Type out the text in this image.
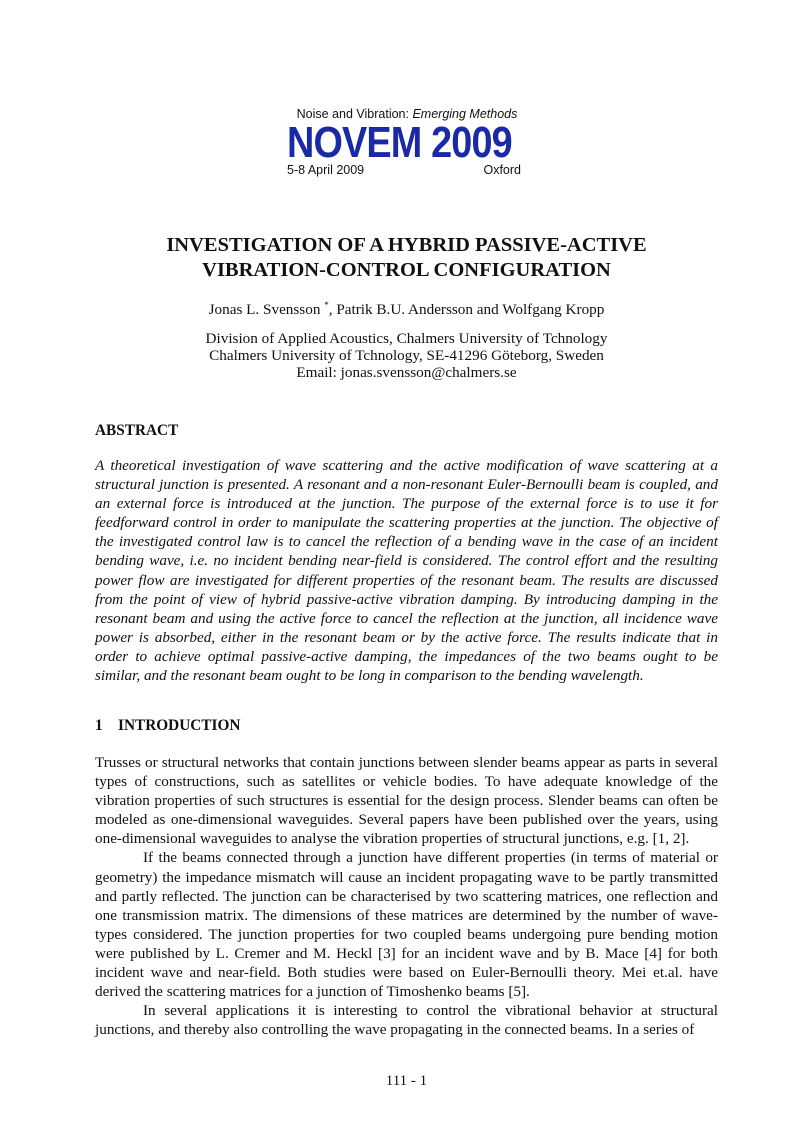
Noise and Vibration: Emerging Methods
NOVEM 2009
5-8 April 2009	Oxford
INVESTIGATION OF A HYBRID PASSIVE-ACTIVE
VIBRATION-CONTROL CONFIGURATION
Jonas L. Svensson *, Patrik B.U. Andersson and Wolfgang Kropp
Division of Applied Acoustics, Chalmers University of Tchnology
Chalmers University of Tchnology, SE-41296 Göteborg, Sweden
Email: jonas.svensson@chalmers.se
ABSTRACT
A theoretical investigation of wave scattering and the active modification of wave scattering at a structural junction is presented. A resonant and a non-resonant Euler-Bernoulli beam is coupled, and an external force is introduced at the junction. The purpose of the external force is to use it for feedforward control in order to manipulate the scattering properties at the junction. The objective of the investigated control law is to cancel the reflection of a bending wave in the case of an incident bending wave, i.e. no incident bending near-field is considered. The control effort and the resulting power flow are investigated for different properties of the resonant beam. The results are discussed from the point of view of hybrid passive-active vibration damping. By introducing damping in the resonant beam and using the active force to cancel the reflection at the junction, all incidence wave power is absorbed, either in the resonant beam or by the active force. The results indicate that in order to achieve optimal passive-active damping, the impedances of the two beams ought to be similar, and the resonant beam ought to be long in comparison to the bending wavelength.
1 INTRODUCTION

Trusses or structural networks that contain junctions between slender beams appear as parts in several types of constructions, such as satellites or vehicle bodies. To have adequate knowledge of the vibration properties of such structures is essential for the design process. Slender beams can often be modeled as one-dimensional waveguides. Several papers have been published over the years, using one-dimensional waveguides to analyse the vibration properties of structural junctions, e.g. [1, 2].

If the beams connected through a junction have different properties (in terms of material or geometry) the impedance mismatch will cause an incident propagating wave to be partly transmitted and partly reflected. The junction can be characterised by two scattering matrices, one reflection and one transmission matrix. The dimensions of these matrices are determined by the number of wave-types considered. The junction properties for two coupled beams undergoing pure bending motion were published by L. Cremer and M. Heckl [3] for an incident wave and by B. Mace [4] for both incident wave and near-field. Both studies were based on Euler-Bernoulli theory. Mei et.al. have derived the scattering matrices for a junction of Timoshenko beams [5].

In several applications it is interesting to control the vibrational behavior at structural junctions, and thereby also controlling the wave propagating in the connected beams. In a series of

111 - 1
